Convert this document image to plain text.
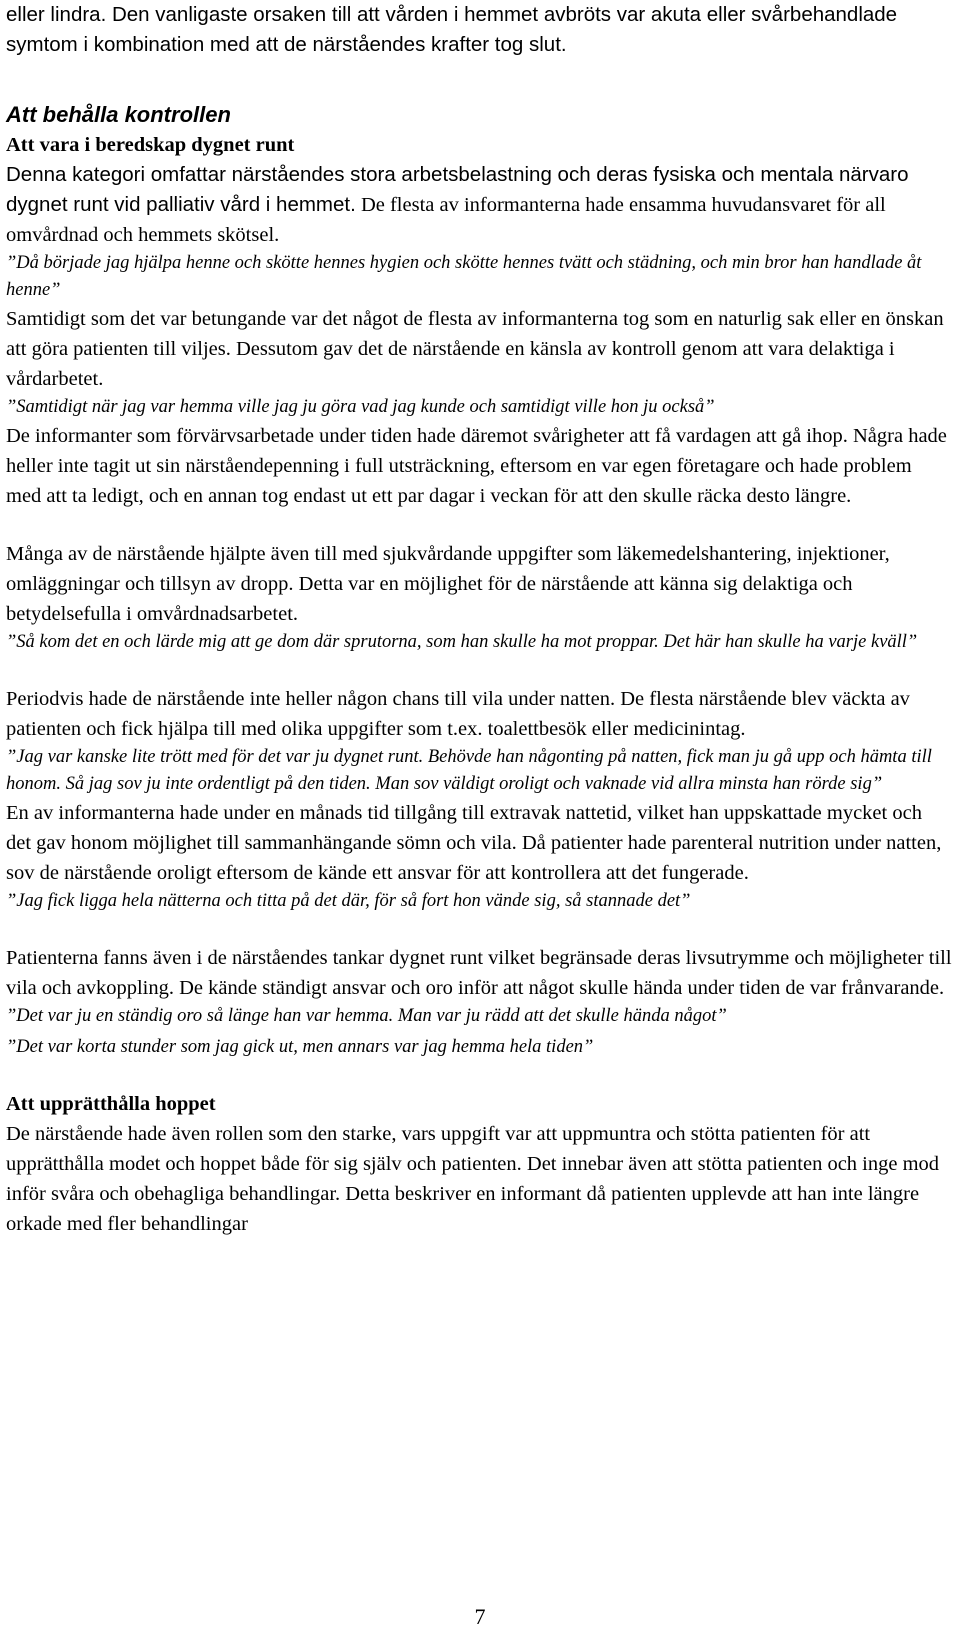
eller lindra. Den vanligaste orsaken till att vården i hemmet avbröts var akuta eller svårbehandlade symtom i kombination med att de närståendes krafter tog slut.

Att behålla kontrollen

Att vara i beredskap dygnet runt

Denna kategori omfattar närståendes stora arbetsbelastning och deras fysiska och mentala närvaro dygnet runt vid palliativ vård i hemmet. De flesta av informanterna hade ensamma huvudansvaret för all omvårdnad och hemmets skötsel.

”Då började jag hjälpa henne och skötte hennes hygien och skötte hennes tvätt och städning, och min bror han handlade åt henne”

Samtidigt som det var betungande var det något de flesta av informanterna tog som en naturlig sak eller en önskan att göra patienten till viljes. Dessutom gav det de närstående en känsla av kontroll genom att vara delaktiga i vårdarbetet.

”Samtidigt när jag var hemma ville jag ju göra vad jag kunde och samtidigt ville hon ju också”

De informanter som förvärvsarbetade under tiden hade däremot svårigheter att få vardagen att gå ihop. Några hade heller inte tagit ut sin närståendepenning i full utsträckning, eftersom en var egen företagare och hade problem med att ta ledigt, och en annan tog endast ut ett par dagar i veckan för att den skulle räcka desto längre.

Många av de närstående hjälpte även till med sjukvårdande uppgifter som läkemedelshantering, injektioner, omläggningar och tillsyn av dropp. Detta var en möjlighet för de närstående att känna sig delaktiga och betydelsefulla i omvårdnadsarbetet.

”Så kom det en och lärde mig att ge dom där sprutorna, som han skulle ha mot proppar. Det här han skulle ha varje kväll”

Periodvis hade de närstående inte heller någon chans till vila under natten. De flesta närstående blev väckta av patienten och fick hjälpa till med olika uppgifter som t.ex. toalettbesök eller medicinintag.

”Jag var kanske lite trött med för det var ju dygnet runt. Behövde han någonting på natten, fick man ju gå upp och hämta till honom. Så jag sov ju inte ordentligt på den tiden. Man sov väldigt oroligt och vaknade vid allra minsta han rörde sig”

En av informanterna hade under en månads tid tillgång till extravak nattetid, vilket han uppskattade mycket och det gav honom möjlighet till sammanhängande sömn och vila. Då patienter hade parenteral nutrition under natten, sov de närstående oroligt eftersom de kände ett ansvar för att kontrollera att det fungerade.

”Jag fick ligga hela nätterna och titta på det där, för så fort hon vände sig, så stannade det”

Patienterna fanns även i de närståendes tankar dygnet runt vilket begränsade deras livsutrymme och möjligheter till vila och avkoppling. De kände ständigt ansvar och oro inför att något skulle hända under tiden de var frånvarande.

”Det var ju en ständig oro så länge han var hemma. Man var ju rädd att det skulle hända något”

”Det var korta stunder som jag gick ut, men annars var jag hemma hela tiden”

Att upprätthålla hoppet

De närstående hade även rollen som den starke, vars uppgift var att uppmuntra och stötta patienten för att upprätthålla modet och hoppet både för sig själv och patienten. Det innebar även att stötta patienten och inge mod inför svåra och obehagliga behandlingar. Detta beskriver en informant då patienten upplevde att han inte längre orkade med fler behandlingar

7
